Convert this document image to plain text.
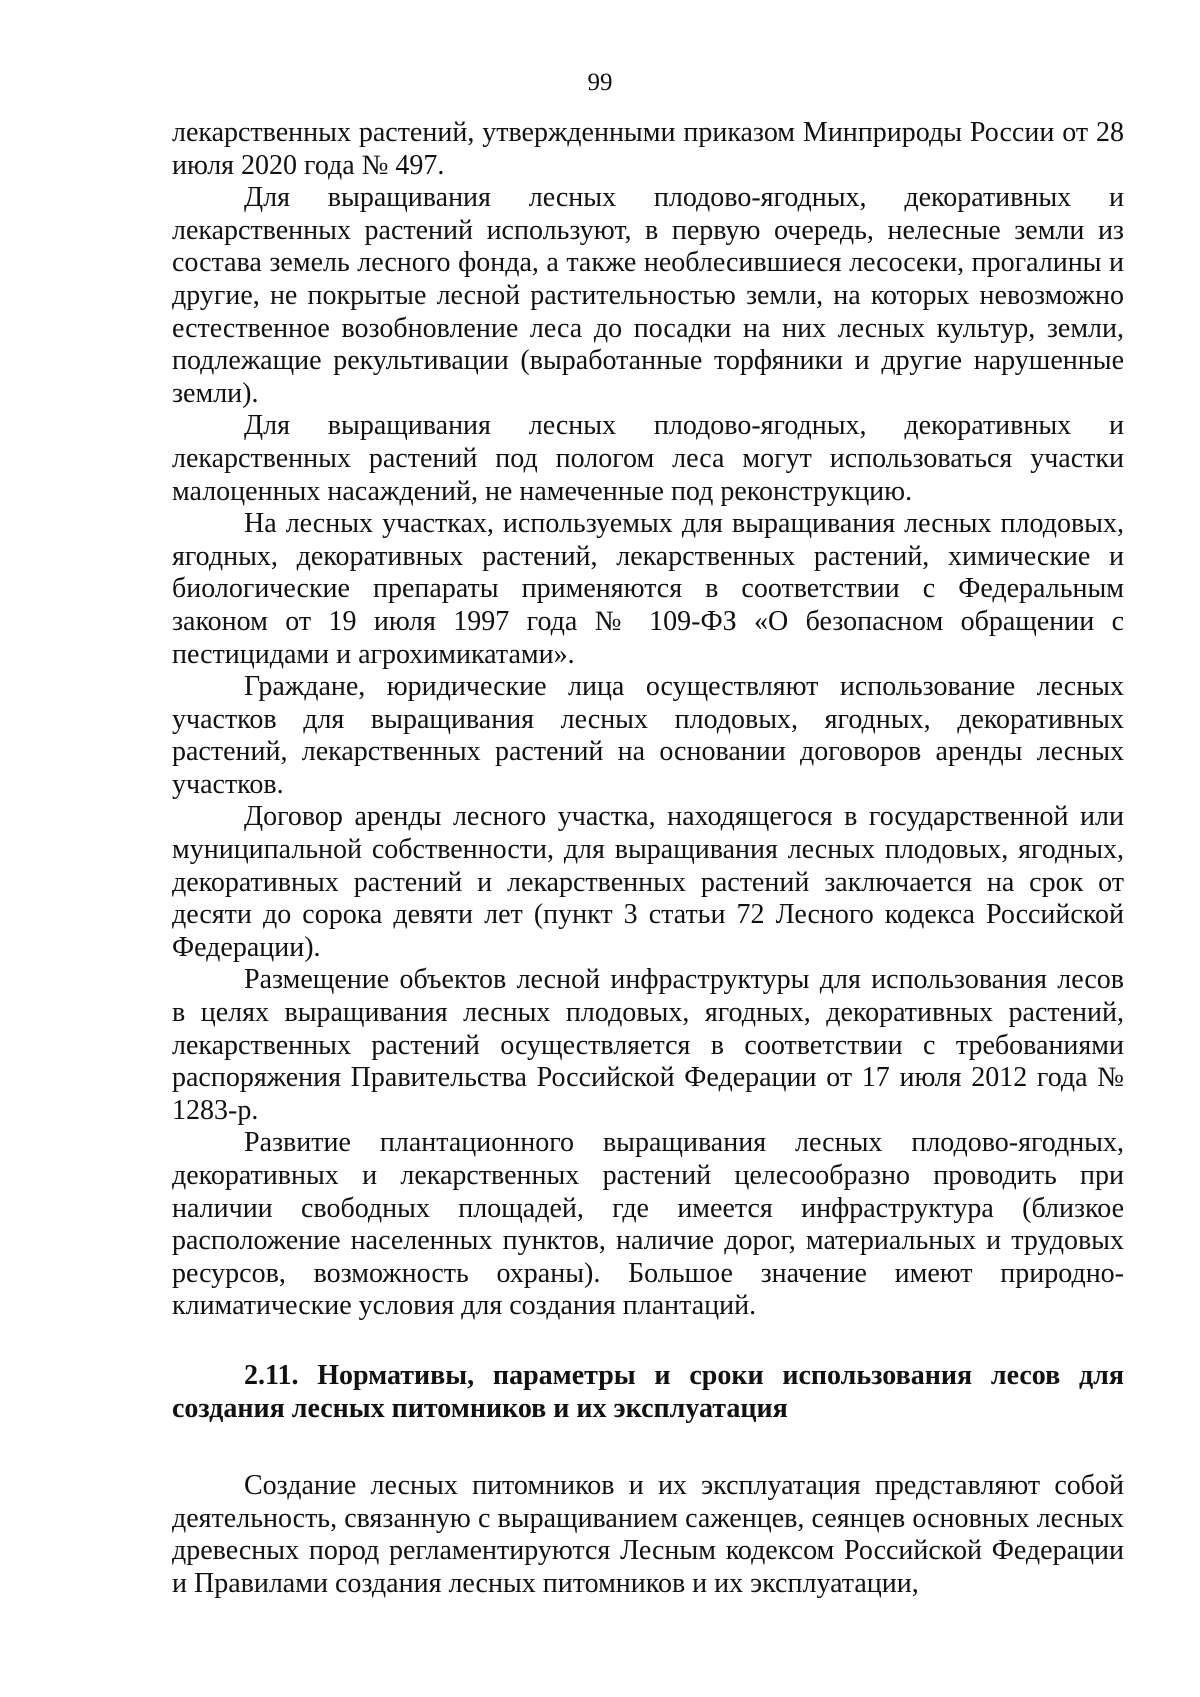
99

лекарственных растений, утвержденными приказом Минприроды России от 28 июля 2020 года № 497.

Для выращивания лесных плодово-ягодных, декоративных и лекарственных растений используют, в первую очередь, нелесные земли из состава земель лесного фонда, а также необлесившиеся лесосеки, прогалины и другие, не покрытые лесной растительностью земли, на которых невозможно естественное возобновление леса до посадки на них лесных культур, земли, подлежащие рекультивации (выработанные торфяники и другие нарушенные земли).

Для выращивания лесных плодово-ягодных, декоративных и лекарственных растений под пологом леса могут использоваться участки малоценных насаждений, не намеченные под реконструкцию.

На лесных участках, используемых для выращивания лесных плодовых, ягодных, декоративных растений, лекарственных растений, химические и биологические препараты применяются в соответствии с Федеральным законом от 19 июля 1997 года № 109-ФЗ «О безопасном обращении с пестицидами и агрохимикатами».

Граждане, юридические лица осуществляют использование лесных участков для выращивания лесных плодовых, ягодных, декоративных растений, лекарственных растений на основании договоров аренды лесных участков.

Договор аренды лесного участка, находящегося в государственной или муниципальной собственности, для выращивания лесных плодовых, ягодных, декоративных растений и лекарственных растений заключается на срок от десяти до сорока девяти лет (пункт 3 статьи 72 Лесного кодекса Российской Федерации).

Размещение объектов лесной инфраструктуры для использования лесов в целях выращивания лесных плодовых, ягодных, декоративных растений, лекарственных растений осуществляется в соответствии с требованиями распоряжения Правительства Российской Федерации от 17 июля 2012 года № 1283-р.

Развитие плантационного выращивания лесных плодово-ягодных, декоративных и лекарственных растений целесообразно проводить при наличии свободных площадей, где имеется инфраструктура (близкое расположение населенных пунктов, наличие дорог, материальных и трудовых ресурсов, возможность охраны). Большое значение имеют природно-климатические условия для создания плантаций.

2.11. Нормативы, параметры и сроки использования лесов для создания лесных питомников и их эксплуатация

Создание лесных питомников и их эксплуатация представляют собой деятельность, связанную с выращиванием саженцев, сеянцев основных лесных древесных пород регламентируются Лесным кодексом Российской Федерации и Правилами создания лесных питомников и их эксплуатации,
